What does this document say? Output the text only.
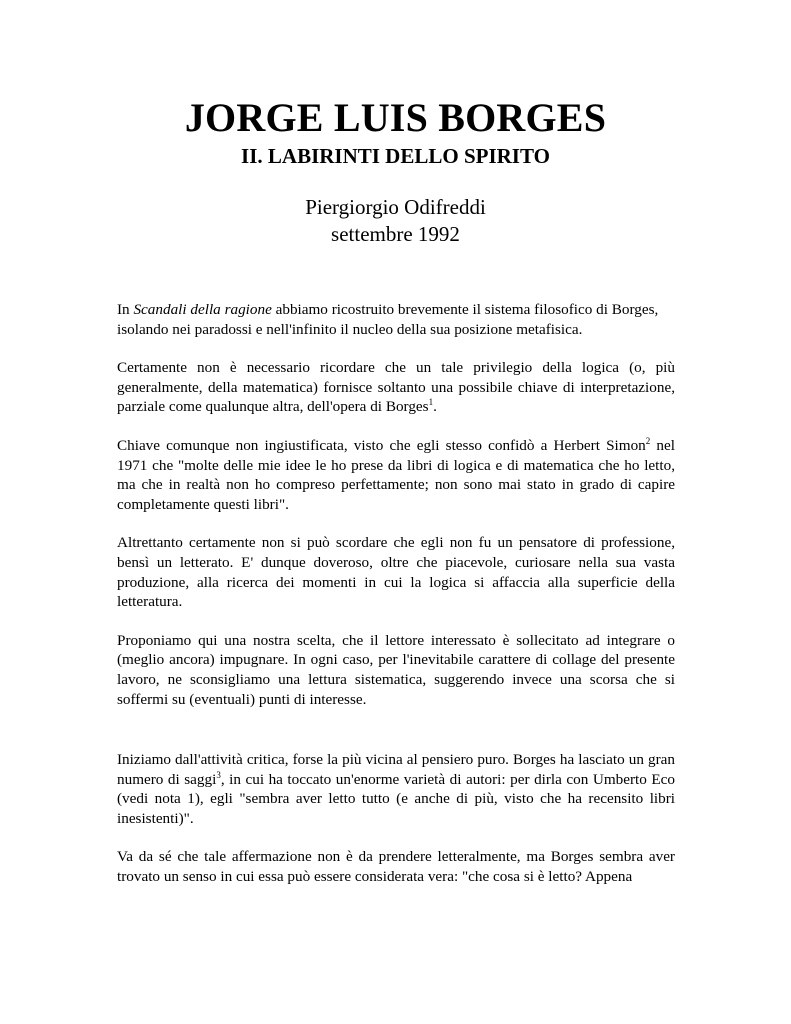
JORGE LUIS BORGES
II. LABIRINTI DELLO SPIRITO
Piergiorgio Odifreddi
settembre 1992

In Scandali della ragione abbiamo ricostruito brevemente il sistema filosofico di Borges, isolando nei paradossi e nell'infinito il nucleo della sua posizione metafisica.

Certamente non è necessario ricordare che un tale privilegio della logica (o, più generalmente, della matematica) fornisce soltanto una possibile chiave di interpretazione, parziale come qualunque altra, dell'opera di Borges$^1$.

Chiave comunque non ingiustificata, visto che egli stesso confidò a Herbert Simon$^2$ nel 1971 che "molte delle mie idee le ho prese da libri di logica e di matematica che ho letto, ma che in realtà non ho compreso perfettamente; non sono mai stato in grado di capire completamente questi libri".

Altrettanto certamente non si può scordare che egli non fu un pensatore di professione, bensì un letterato. E' dunque doveroso, oltre che piacevole, curiosare nella sua vasta produzione, alla ricerca dei momenti in cui la logica si affaccia alla superficie della letteratura.

Proponiamo qui una nostra scelta, che il lettore interessato è sollecitato ad integrare o (meglio ancora) impugnare. In ogni caso, per l'inevitabile carattere di collage del presente lavoro, ne sconsigliamo una lettura sistematica, suggerendo invece una scorsa che si soffermi su (eventuali) punti di interesse.

Iniziamo dall'attività critica, forse la più vicina al pensiero puro. Borges ha lasciato un gran numero di saggi$^3$, in cui ha toccato un'enorme varietà di autori: per dirla con Umberto Eco (vedi nota 1), egli "sembra aver letto tutto (e anche di più, visto che ha recensito libri inesistenti)".

Va da sé che tale affermazione non è da prendere letteralmente, ma Borges sembra aver trovato un senso in cui essa può essere considerata vera: "che cosa si è letto? Appena
